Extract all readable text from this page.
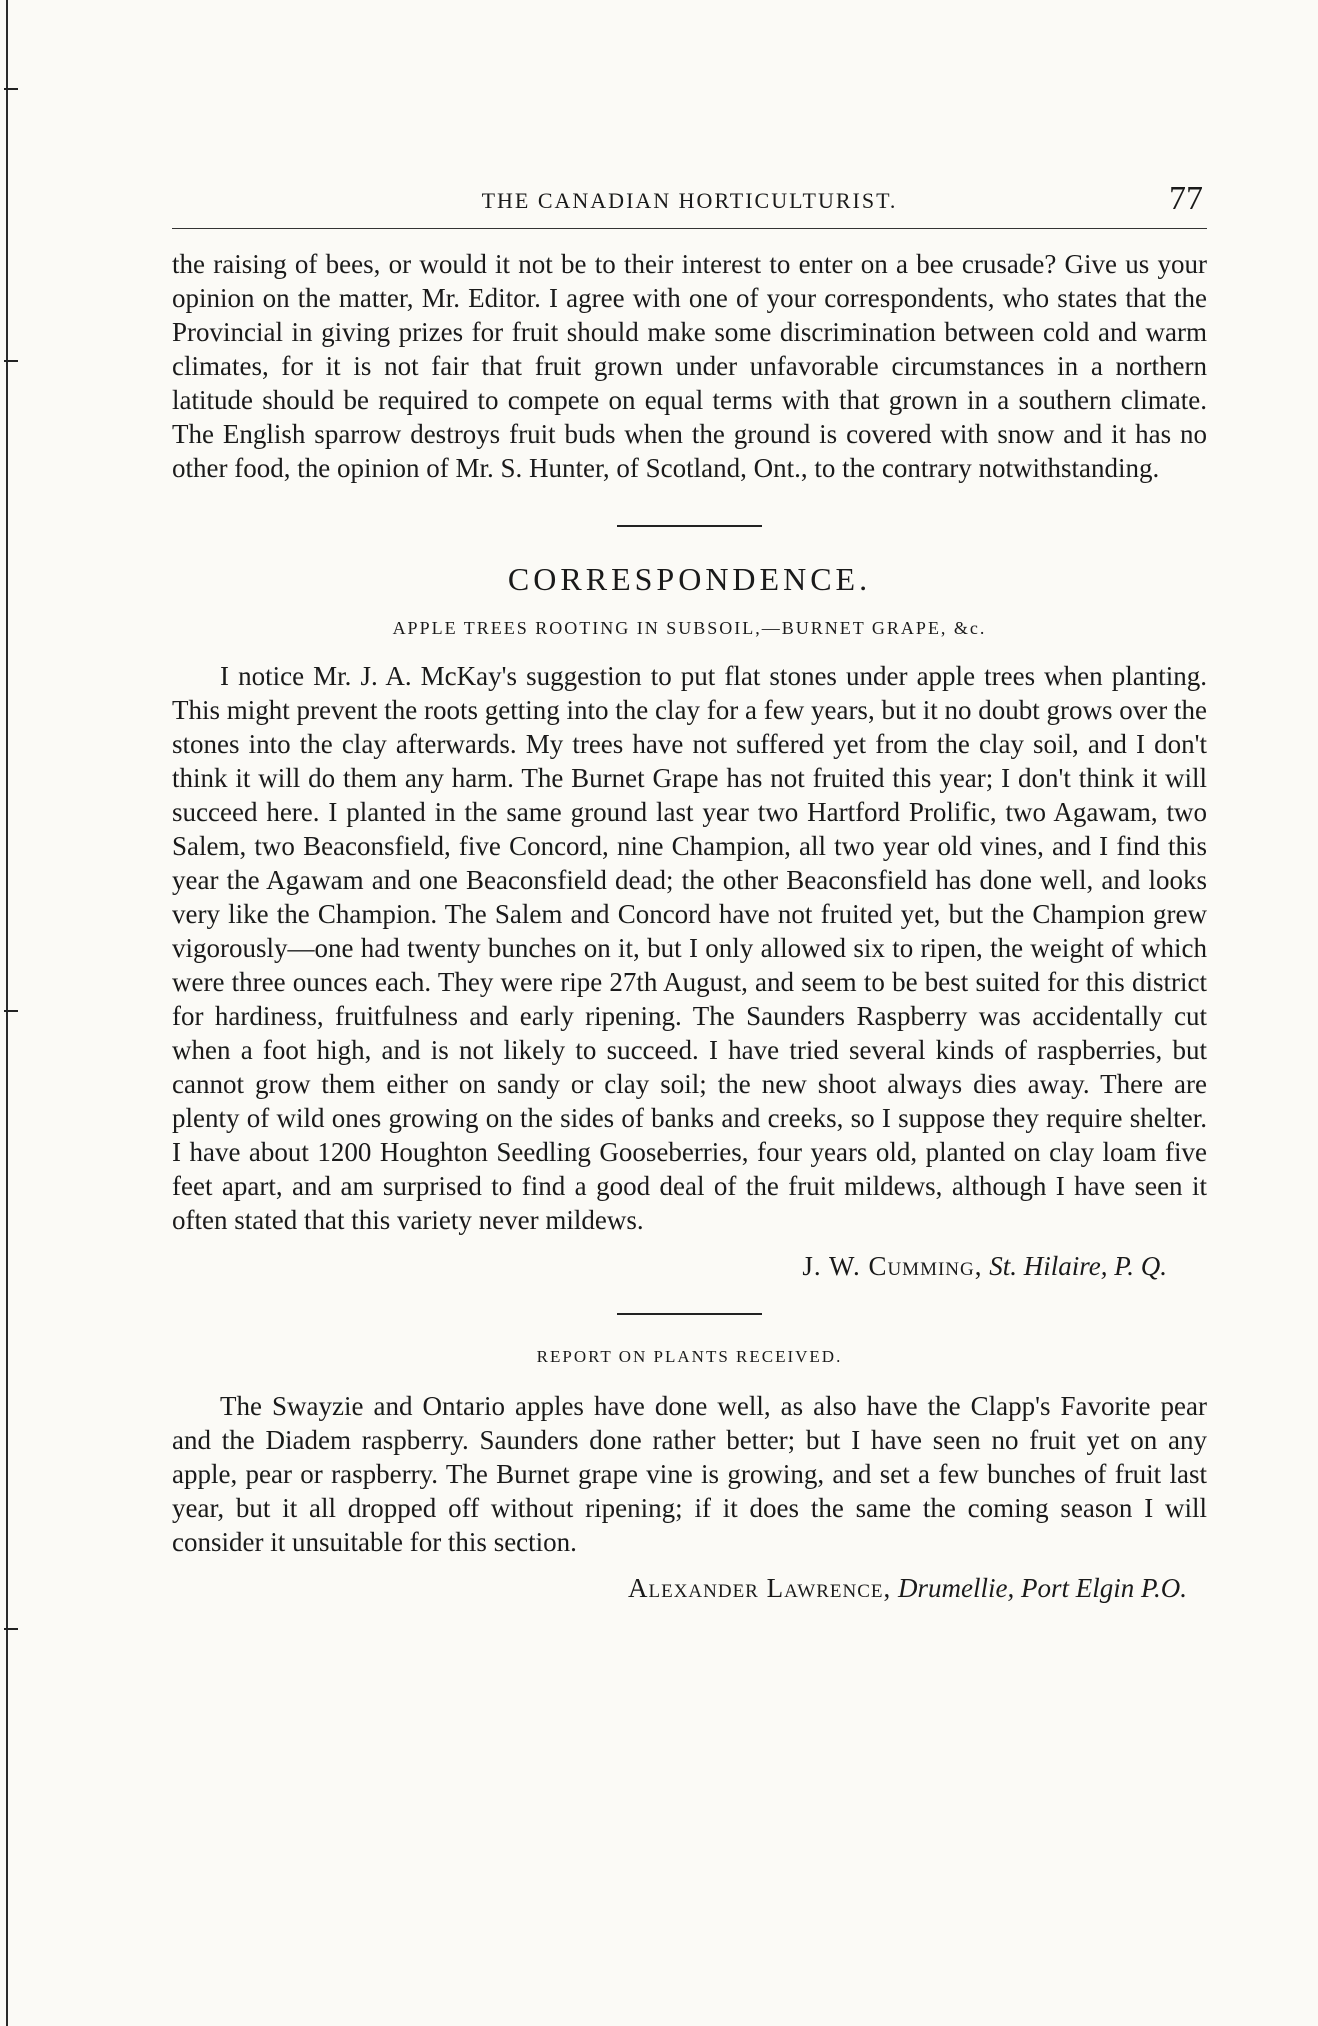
THE CANADIAN HORTICULTURIST.	77

the raising of bees, or would it not be to their interest to enter on a bee crusade? Give us your opinion on the matter, Mr. Editor. I agree with one of your correspondents, who states that the Provincial in giving prizes for fruit should make some discrimination between cold and warm climates, for it is not fair that fruit grown under unfavorable circumstances in a northern latitude should be required to compete on equal terms with that grown in a southern climate. The English sparrow destroys fruit buds when the ground is covered with snow and it has no other food, the opinion of Mr. S. Hunter, of Scotland, Ont., to the contrary notwithstanding.

CORRESPONDENCE.
APPLE TREES ROOTING IN SUBSOIL,—BURNET GRAPE, &c.

I notice Mr. J. A. McKay's suggestion to put flat stones under apple trees when planting. This might prevent the roots getting into the clay for a few years, but it no doubt grows over the stones into the clay afterwards. My trees have not suffered yet from the clay soil, and I don't think it will do them any harm. The Burnet Grape has not fruited this year; I don't think it will succeed here. I planted in the same ground last year two Hartford Prolific, two Agawam, two Salem, two Beaconsfield, five Concord, nine Champion, all two year old vines, and I find this year the Agawam and one Beaconsfield dead; the other Beaconsfield has done well, and looks very like the Champion. The Salem and Concord have not fruited yet, but the Champion grew vigorously—one had twenty bunches on it, but I only allowed six to ripen, the weight of which were three ounces each. They were ripe 27th August, and seem to be best suited for this district for hardiness, fruitfulness and early ripening. The Saunders Raspberry was accidentally cut when a foot high, and is not likely to succeed. I have tried several kinds of raspberries, but cannot grow them either on sandy or clay soil; the new shoot always dies away. There are plenty of wild ones growing on the sides of banks and creeks, so I suppose they require shelter. I have about 1200 Houghton Seedling Gooseberries, four years old, planted on clay loam five feet apart, and am surprised to find a good deal of the fruit mildews, although I have seen it often stated that this variety never mildews.

J. W. Cumming, St. Hilaire, P. Q.
REPORT ON PLANTS RECEIVED.

The Swayzie and Ontario apples have done well, as also have the Clapp's Favorite pear and the Diadem raspberry. Saunders done rather better; but I have seen no fruit yet on any apple, pear or raspberry. The Burnet grape vine is growing, and set a few bunches of fruit last year, but it all dropped off without ripening; if it does the same the coming season I will consider it unsuitable for this section.

Alexander Lawrence, Drumellie, Port Elgin P.O.
